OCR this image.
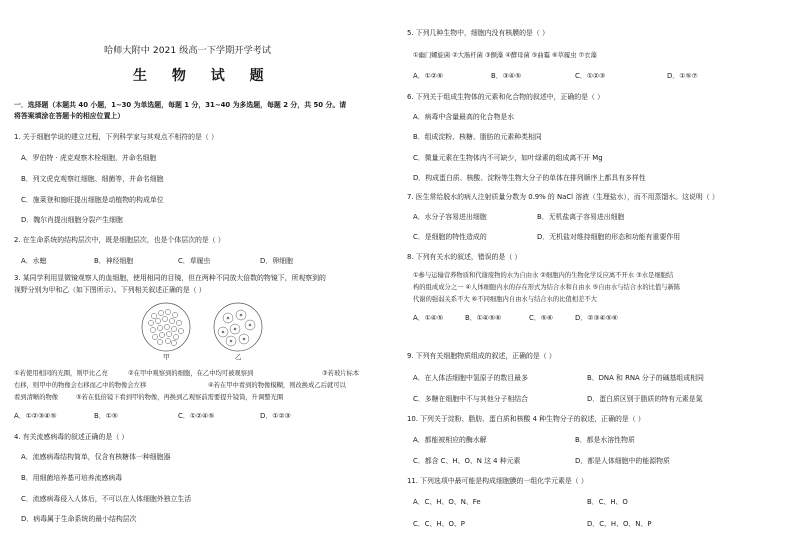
哈师大附中 2021 级高一下学期开学考试
生 物 试 题
一．选择题（本题共 40 小题，1~30 为单选题，每题 1 分，31~40 为多选题，每题 2 分，共 50 分。请
将答案填涂在答题卡的相应位置上）
1. 关于细胞学说的建立过程，下列科学家与其观点不相符的是（ ）
A．罗伯特 · 虎克观察木栓细胞，并命名细胞
B．列文虎克观察红细胞、细菌等，并命名细胞
C．施莱登和施旺提出细胞是动植物的构成单位
D．魏尔肖提出细胞分裂产生细胞
2. 在生命系统的结构层次中，既是细胞层次，也是个体层次的是（ ）
A．水螅	B．神经细胞	C．草履虫	D．卵细胞
3. 某同学利用显微镜观察人的血细胞，使用相同的目镜，但在两种不同放大倍数的物镜下，所观察到的
视野分别为甲和乙（如下图所示）。下列相关叙述正确的是（ ）
甲	乙
①若使用相同的光圈，则甲比乙亮	②在甲中观察到的细胞，在乙中均可被观察到	③若玻片标本
右移，则甲中的物像会右移而乙中的物像会左移	④若在甲中看到的物像模糊，则改换成乙后就可以
看到清晰的物像	⑤若在低倍镜下看到甲的物像，再换到乙观察前需要提升镜筒，升调整光圈
A．①②③④⑤	B．①⑤	C．①②④⑤	D．①②③
4. 有关流感病毒的叙述正确的是（ ）
A．流感病毒结构简单，仅含有核糖体一种细胞器
B．用细菌培养基可培养流感病毒
C．流感病毒侵入人体后，不可以在人体细胞外独立生活
D．病毒属于生命系统的最小结构层次
5. 下列几种生物中，细胞内没有核膜的是（ ）
①幽门螺旋菌 ②大肠杆菌 ③颤藻 ④酵母菌 ⑤曲霉 ⑥草履虫 ⑦衣藻
A．①②⑥	B．③④⑤	C．①②③	D．①⑤⑦
6. 下列关于组成生物体的元素和化合物的叙述中，正确的是（ ）
A．病毒中含量最高的化合物是水
B．组成淀粉、核糖、脂肪的元素种类相同
C．微量元素在生物体内不可缺少，如叶绿素的组成离不开 Mg
D．构成蛋白质、核酸、淀粉等生物大分子的单体在排列顺序上都具有多样性
7. 医生常给脱水的病人注射质量分数为 0.9% 的 NaCl 溶液（生理盐水），而不用蒸馏水。这说明（ ）
A．水分子容易进出细胞	B．无机盐离子容易进出细胞
C．是细胞的特性造成的	D．无机盐对维持细胞的形态和功能有重要作用
8. 下列有关水的叙述，错误的是（ ）
①参与运输营养物质和代谢废物的水为自由水 ②细胞内的生物化学反应离不开水 ③水是细胞结
构的组成成分之一 ④人体细胞内水的存在形式为结合水和自由水 ⑤自由水与结合水的比值与新陈
代谢的强弱关系不大 ⑥不同细胞内自由水与结合水的比值相差不大
A．①④⑤	B．①④⑤⑥	C．⑤⑥	D．②③④⑤⑥
9. 下列有关细胞物质组成的叙述，正确的是（ ）
A．在人体活细胞中氢原子的数目最多	B．DNA 和 RNA 分子的碱基组成相同
C．多糖在细胞中不与其他分子相结合	D．蛋白质区别于脂质的特有元素是氮
10. 下列关于淀粉、脂肪、蛋白质和核酸 4 种生物分子的叙述，正确的是（ ）
A．都能被相应的酶水解	B．都是水溶性物质
C．都含 C、H、O、N 这 4 种元素	D．都是人体细胞中的能源物质
11. 下列选项中最可能是构成细胞膜的一组化学元素是（ ）
A．C、H、O、N、Fe	B．C、H、O
C．C、H、O、P	D．C、H、O、N、P
